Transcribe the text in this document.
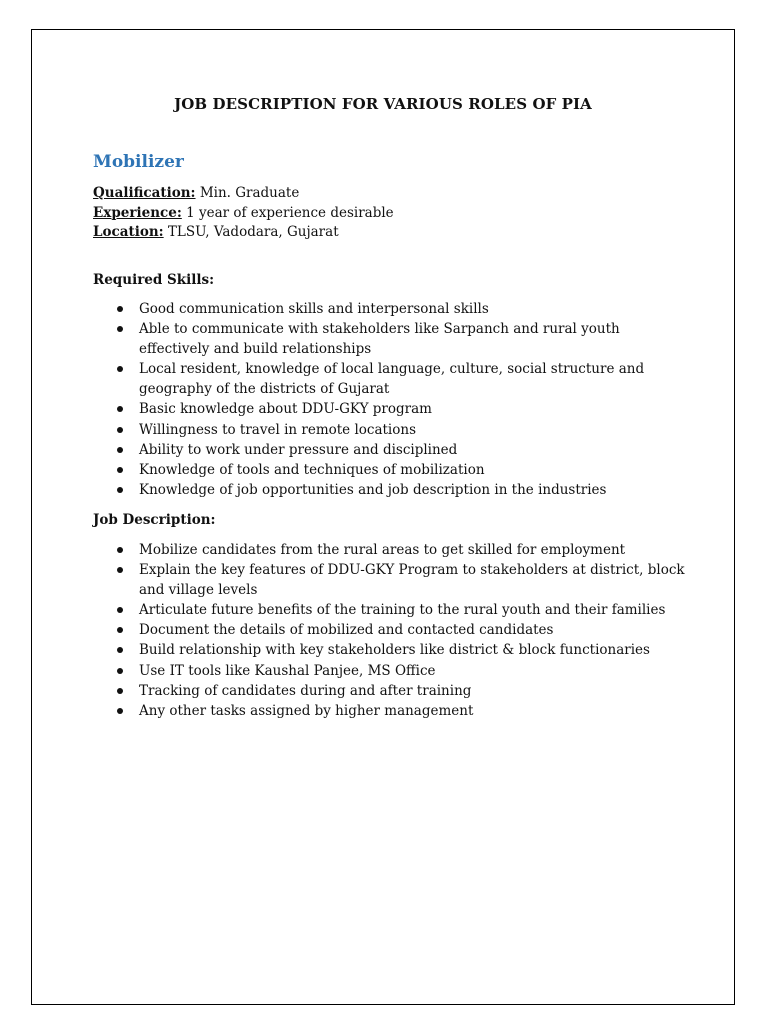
JOB DESCRIPTION FOR VARIOUS ROLES OF PIA
Mobilizer
Qualification: Min. Graduate
Experience: 1 year of experience desirable
Location: TLSU, Vadodara, Gujarat
Required Skills:
Good communication skills and interpersonal skills
Able to communicate with stakeholders like Sarpanch and rural youth effectively and build relationships
Local resident, knowledge of local language, culture, social structure and geography of the districts of Gujarat
Basic knowledge about DDU-GKY program
Willingness to travel in remote locations
Ability to work under pressure and disciplined
Knowledge of tools and techniques of mobilization
Knowledge of job opportunities and job description in the industries
Job Description:
Mobilize candidates from the rural areas to get skilled for employment
Explain the key features of DDU-GKY Program to stakeholders at district, block and village levels
Articulate future benefits of the training to the rural youth and their families
Document the details of mobilized and contacted candidates
Build relationship with key stakeholders like district & block functionaries
Use IT tools like Kaushal Panjee, MS Office
Tracking of candidates during and after training
Any other tasks assigned by higher management
